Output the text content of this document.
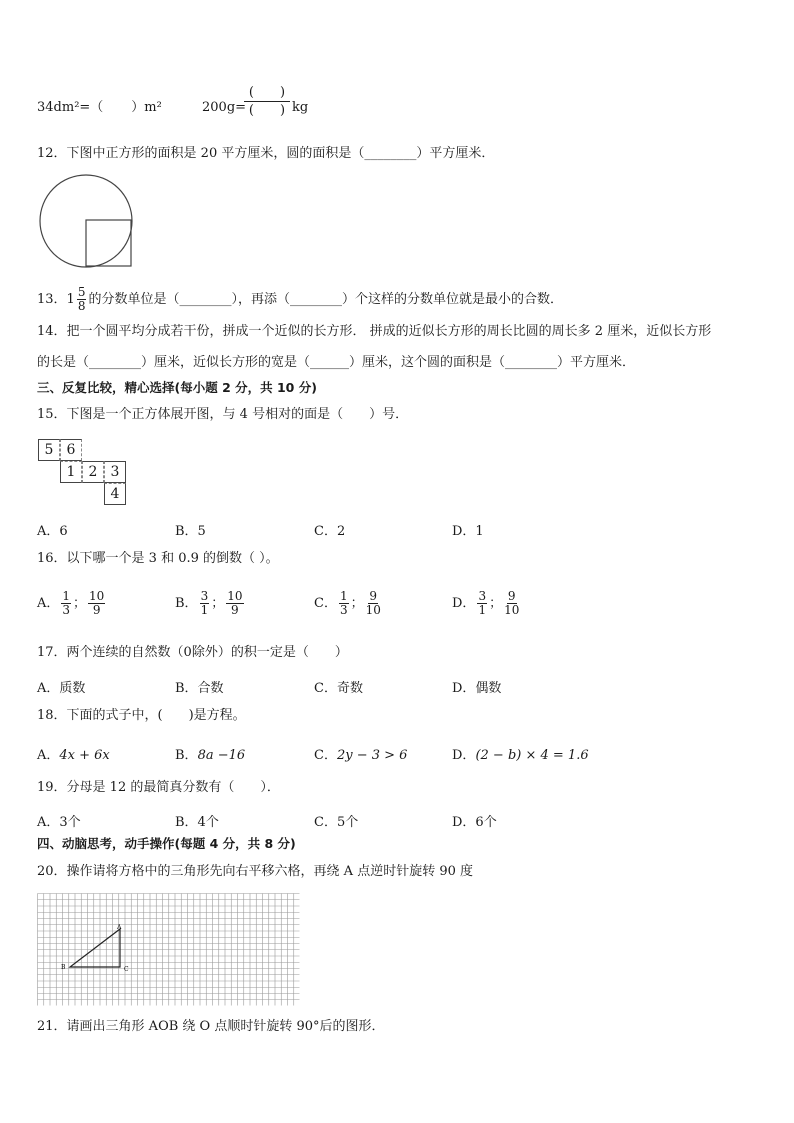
34dm²=（ ）m²	200g=
(　　)
(　　) kg
12．下图中正方形的面积是 20 平方厘米，圆的面积是（________）平方厘米．
13．$1 \frac{5}{8}$ 的分数单位是（________），再添（________）个这样的分数单位就是最小的合数．
14．把一个圆平均分成若干份，拼成一个近似的长方形． 拼成的近似长方形的周长比圆的周长多 2 厘米，近似长方形
的长是（________）厘米，近似长方形的宽是（______）厘米，这个圆的面积是（________）平方厘米．
三、反复比较，精心选择(每小题 2 分，共 10 分)
15．下图是一个正方体展开图，与 4 号相对的面是（　　）号．
5 6
1 2 3
4
A．6	B．5	C．2	D．1
16．以下哪一个是 3 和 0.9 的倒数（ ）。
A． $\frac{1}{3}$ ； $\frac{10}{9}$	B． $\frac{3}{1}$ ； $\frac{10}{9}$	C． $\frac{1}{3}$ ； $\frac{9}{10}$	D． $\frac{3}{1}$ ； $\frac{9}{10}$
17．两个连续的自然数（0除外）的积一定是（　　）
A．质数	B．合数	C．奇数	D．偶数
18．下面的式子中，(　　)是方程。
A．4x + 6x	B．8a −16	C．2y − 3 > 6	D．(2 − b) × 4 = 1.6
19．分母是 12 的最简真分数有（　　）．
A．3个	B．4个	C．5个	D．6个
四、动脑思考，动手操作(每题 4 分，共 8 分)
20．操作请将方格中的三角形先向右平移六格，再绕 A 点逆时针旋转 90 度
A
B	C
21．请画出三角形 AOB 绕 O 点顺时针旋转 90°后的图形．
